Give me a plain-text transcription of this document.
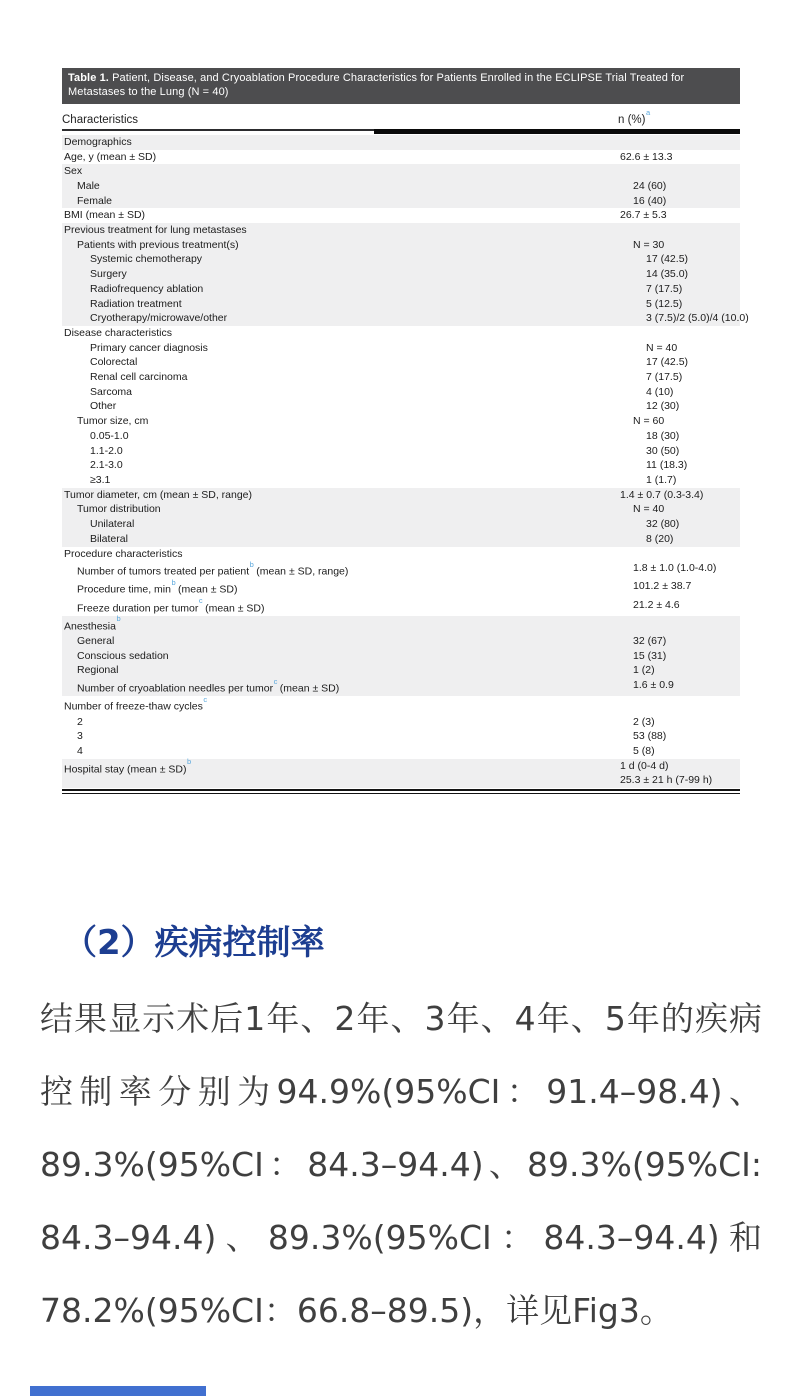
Table 1. Patient, Disease, and Cryoablation Procedure Characteristics for Patients Enrolled in the ECLIPSE Trial Treated for Metastases to the Lung (N = 40)
Characteristics	n (%)$^a$
Demographics
Age, y (mean ± SD)	62.6 ± 13.3
Sex
Male	24 (60)
Female	16 (40)
BMI (mean ± SD)	26.7 ± 5.3
Previous treatment for lung metastases
Patients with previous treatment(s)	N = 30
Systemic chemotherapy	17 (42.5)
Surgery	14 (35.0)
Radiofrequency ablation	7 (17.5)
Radiation treatment	5 (12.5)
Cryotherapy/microwave/other	3 (7.5)/2 (5.0)/4 (10.0)
Disease characteristics
Primary cancer diagnosis	N = 40
Colorectal	17 (42.5)
Renal cell carcinoma	7 (17.5)
Sarcoma	4 (10)
Other	12 (30)
Tumor size, cm	N = 60
0.05-1.0	18 (30)
1.1-2.0	30 (50)
2.1-3.0	11 (18.3)
≥3.1	1 (1.7)
Tumor diameter, cm (mean ± SD, range)	1.4 ± 0.7 (0.3-3.4)
Tumor distribution	N = 40
Unilateral	32 (80)
Bilateral	8 (20)
Procedure characteristics
Number of tumors treated per patient$^b$ (mean ± SD, range)	1.8 ± 1.0 (1.0-4.0)
Procedure time, min$^b$ (mean ± SD)	101.2 ± 38.7
Freeze duration per tumor$^c$ (mean ± SD)	21.2 ± 4.6
Anesthesia$^b$
General	32 (67)
Conscious sedation	15 (31)
Regional	1 (2)
Number of cryoablation needles per tumor$^c$ (mean ± SD)	1.6 ± 0.9
Number of freeze-thaw cycles$^c$
2	2 (3)
3	53 (88)
4	5 (8)
Hospital stay (mean ± SD)$^b$	1 d (0-4 d)
25.3 ± 21 h (7-99 h)
（2）疾病控制率
结果显示术后1年、2年、3年、4年、5年的疾病
控制率分别为94.9%(95%CI：91.4–98.4)、
89.3%(95%CI：84.3–94.4)、89.3%(95%CI:
84.3–94.4)、89.3%(95%CI：84.3–94.4)和
78.2%(95%CI：66.8–89.5)，详见Fig3。
